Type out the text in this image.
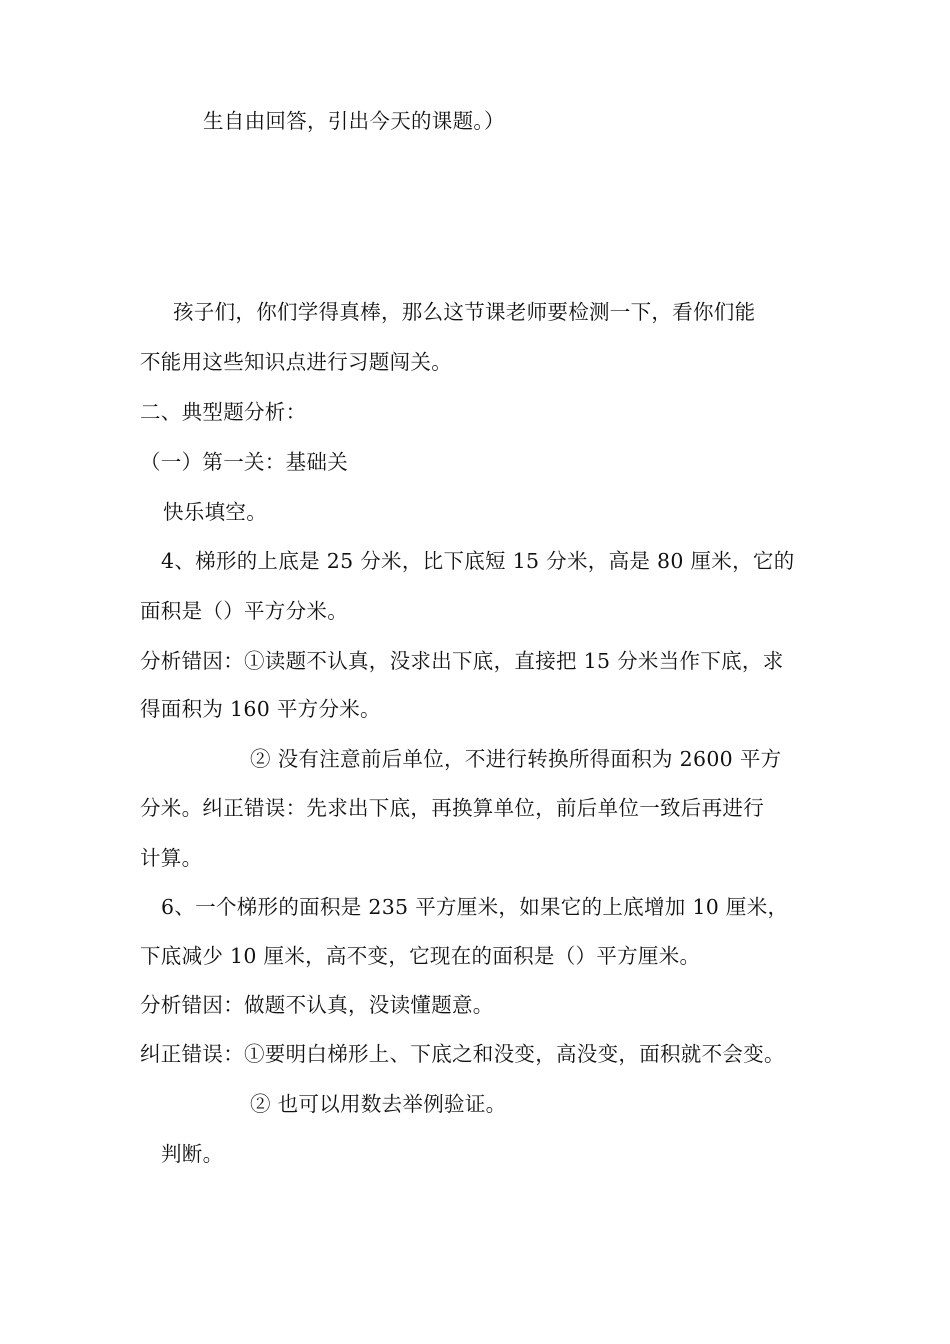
生自由回答，引出今天的课题。）
孩子们，你们学得真棒，那么这节课老师要检测一下，看你们能
不能用这些知识点进行习题闯关。
二、典型题分析：
（一）第一关：基础关
快乐填空。
4、梯形的上底是 25 分米，比下底短 15 分米，高是 80 厘米，它的
面积是（）平方分米。
分析错因：①读题不认真，没求出下底，直接把 15 分米当作下底，求
得面积为 160 平方分米。
② 没有注意前后单位，不进行转换所得面积为 2600 平方
分米。纠正错误：先求出下底，再换算单位，前后单位一致后再进行
计算。
6、一个梯形的面积是 235 平方厘米，如果它的上底增加 10 厘米，
下底减少 10 厘米，高不变，它现在的面积是（）平方厘米。
分析错因：做题不认真，没读懂题意。
纠正错误：①要明白梯形上、下底之和没变，高没变，面积就不会变。
② 也可以用数去举例验证。
判断。
